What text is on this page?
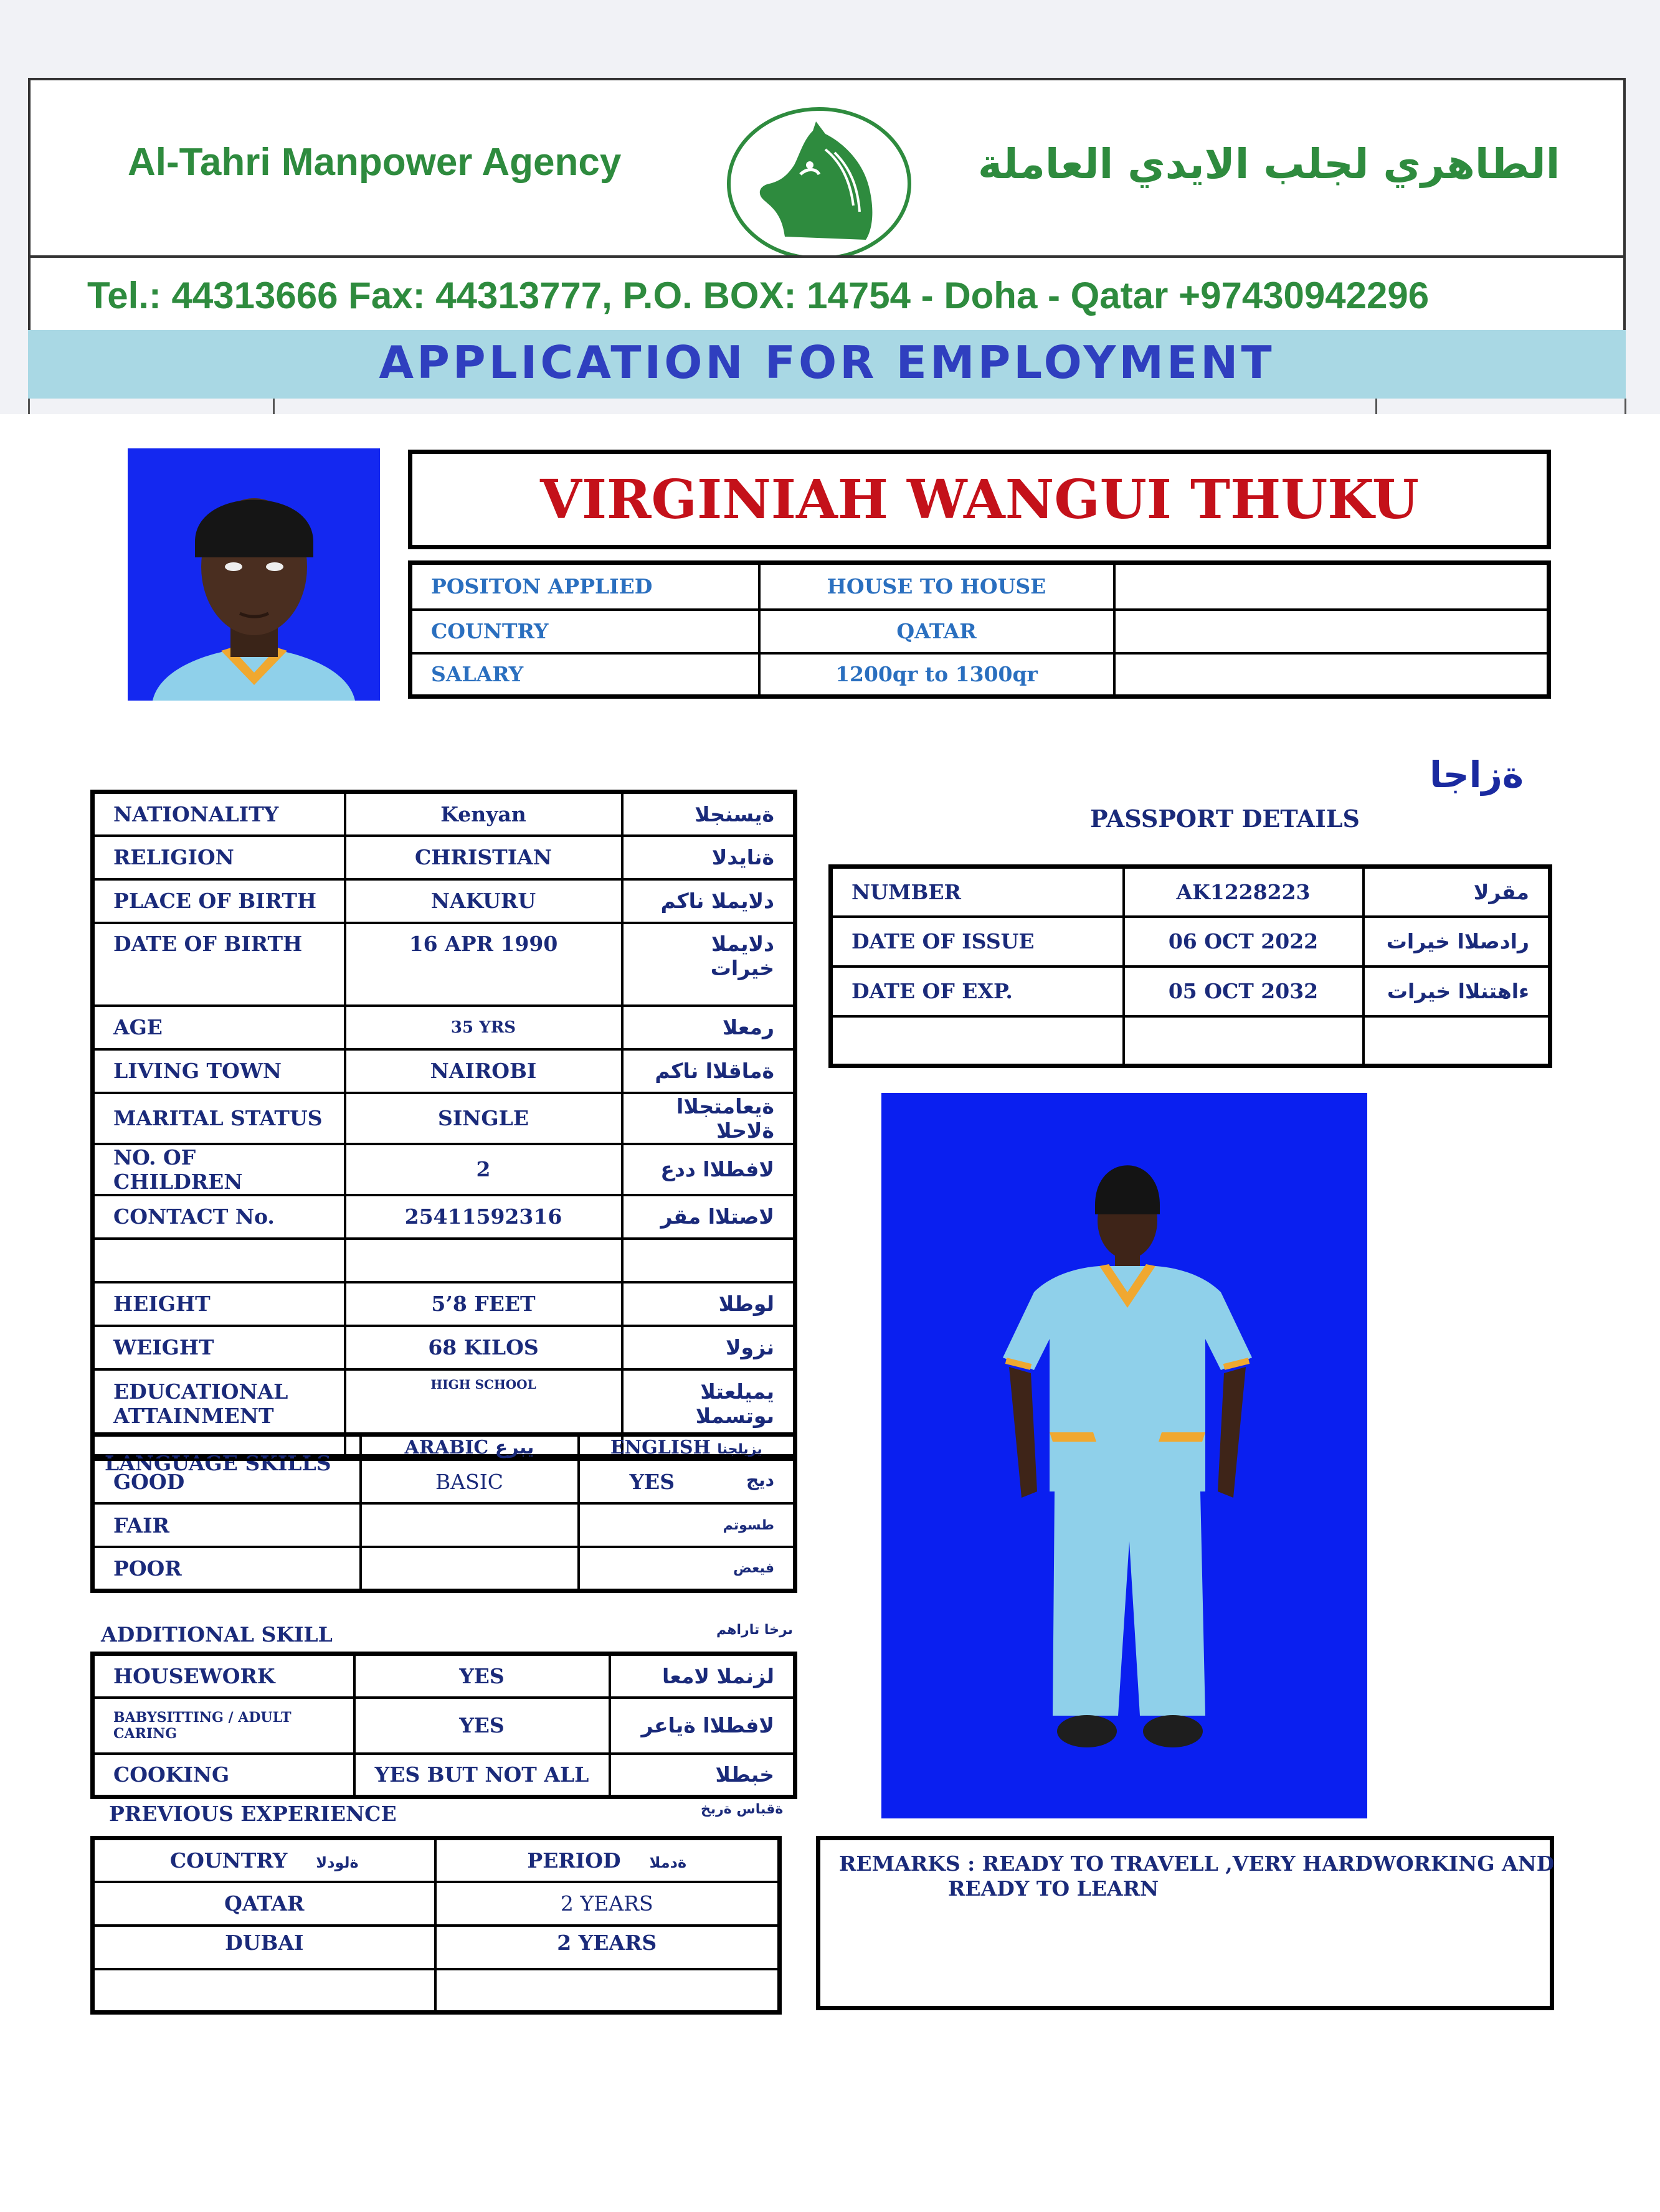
Al-Tahri Manpower Agency	الطاهري لجلب الايدي العاملة
Tel.: 44313666 Fax: 44313777, P.O. BOX: 14754 - Doha - Qatar +97430942296
APPLICATION FOR EMPLOYMENT
VIRGINIAH WANGUI THUKU
POSITON APPLIED	HOUSE TO HOUSE	
COUNTRY	QATAR	
SALARY	1200qr to 1300qr	
NATIONALITY	Kenyan	ةيسنجلا
RELIGION	CHRISTIAN	ةنايدلا
PLACE OF BIRTH	NAKURU	دلايملا ناكم
DATE OF BIRTH	16 APR 1990	دلايملا خيرات
AGE	35 YRS	رمعلا
LIVING TOWN	NAIROBI	ةماقلاا ناكم
MARITAL STATUS	SINGLE	ةيعامتجلاا ةلاحلا
NO. OF CHILDREN	2	لافطلاا ددع
CONTACT No.	25411592316	لاصتلاا مقر

HEIGHT	5’8 FEET	لوطلا
WEIGHT	68 KILOS	نزولا
EDUCATIONAL ATTAINMENT	HIGH SCHOOL	يميلعتلا ىوتسملا
LANGUAGE SKILLS
	ARABIC يبرع	ENGLISH يزيلجنا
GOOD	BASIC	YES ديج

FAIR		طسوتم

POOR		فيعض
ADDITIONAL SKILL	ىرخا تاراهم
HOUSEWORK	YES	لزنملا لامعا
BABYSITTING / ADULT CARING	YES	لافطلاا ةياعر
COOKING	YES BUT NOT ALL	خبطلا
PREVIOUS EXPERIENCE	ةقباس ةربخ
COUNTRY ةلودلا	PERIOD ةدملا
QATAR	2 YEARS
DUBAI	2 YEARS

ةزاجا
PASSPORT DETAILS
NUMBER	AK1228223	مقرلا
DATE OF ISSUE	06 OCT 2022	رادصلاا خيرات
DATE OF EXP.	05 OCT 2032	ءاهتنلاا خيرات

REMARKS : READY TO TRAVELL ,VERY HARDWORKING AND
READY TO LEARN
